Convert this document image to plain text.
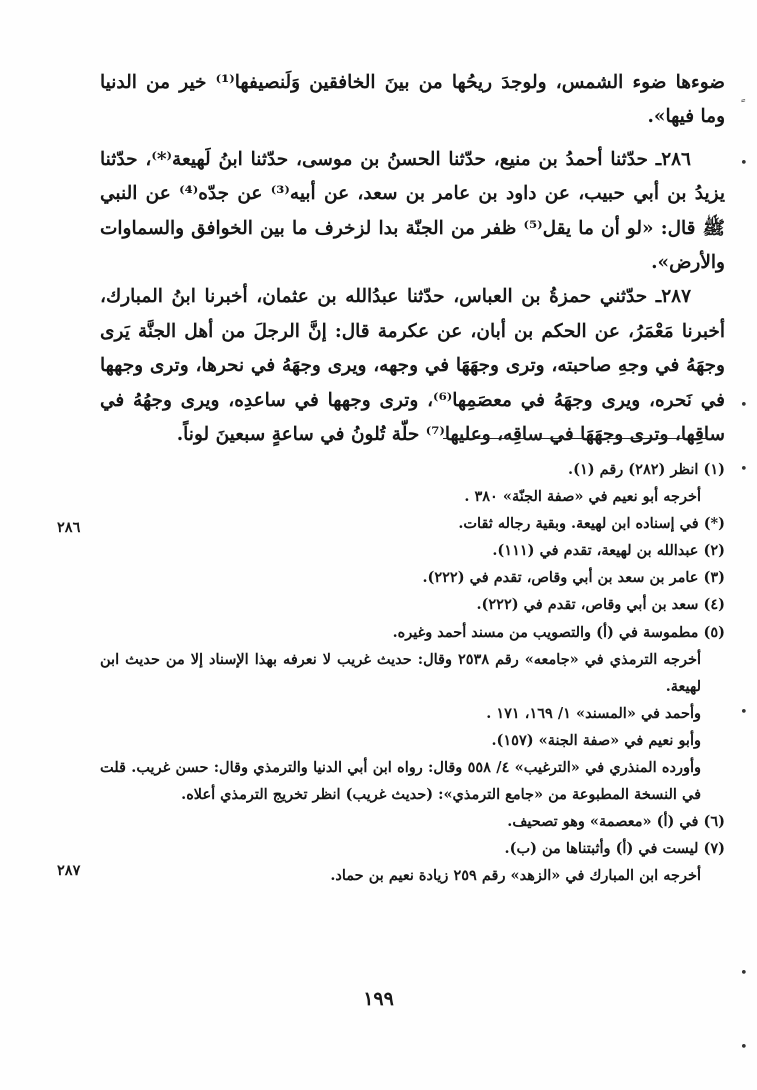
ضوءها ضوء الشمس، ولوجدَ ريحُها من بينَ الخافقين وَلَنصيفها⁽¹⁾ خير من الدنيا وما فيها».

٢٨٦ـ حدّثنا أحمدُ بن منيع، حدّثنا الحسنُ بن موسى، حدّثنا ابنُ لَهيعة⁽*⁾، حدّثنا يزيدُ بن أبي حبيب، عن داود بن عامر بن سعد، عن أبيه⁽³⁾ عن جدّه⁽⁴⁾ عن النبي ﷺ قال: «لو أن ما يقل⁽⁵⁾ ظفر من الجنّة بدا لزخرف ما بين الخوافق والسماوات والأرض».

٢٨٧ـ حدّثني حمزةُ بن العباس، حدّثنا عبدُالله بن عثمان، أخبرنا ابنُ المبارك، أخبرنا مَعْمَرُ، عن الحكم بن أبان، عن عكرمة قال: إنَّ الرجلَ من أهل الجنَّة يَرى وجهَهُ في وجهِ صاحبته، وترى وجهَهَا في وجهه، ويرى وجهَهُ في نحرها، وترى وجهها في نَحره، ويرى وجهَهُ في معصَمِها⁽⁶⁾، وترى وجهها في ساعدِه، ويرى وجهُهُ في ساقِها، وترى وجهَهَا في ساقِه، وعليها⁽⁷⁾ حلّة تُلونُ في ساعةٍ سبعينَ لوناً.

(١) انظر (٢٨٢) رقم (١).
أخرجه أبو نعيم في «صفة الجنّة» ٣٨٠ .
(*) في إسناده ابن لهيعة. وبقية رجاله ثقات.
(٢) عبدالله بن لهيعة، تقدم في (١١١).
(٣) عامر بن سعد بن أبي وقاص، تقدم في (٢٢٢).
(٤) سعد بن أبي وقاص، تقدم في (٢٢٢).
(٥) مطموسة في (أ) والتصويب من مسند أحمد وغيره.
أخرجه الترمذي في «جامعه» رقم ٢٥٣٨ وقال: حديث غريب لا نعرفه بهذا الإسناد إلا من حديث ابن لهيعة.
وأحمد في «المسند» ١/ ١٦٩، ١٧١ .
وأبو نعيم في «صفة الجنة» (١٥٧).
وأورده المنذري في «الترغيب» ٤/ ٥٥٨ وقال: رواه ابن أبي الدنيا والترمذي وقال: حسن غريب. قلت في النسخة المطبوعة من «جامع الترمذي»: (حديث غريب) انظر تخريج الترمذي أعلاه.
(٦) في (أ) «معصمة» وهو تصحيف.
(٧) ليست في (أ) وأثبتناها من (ب).
أخرجه ابن المبارك في «الزهد» رقم ٢٥٩ زيادة نعيم بن حماد.
٢٨٦
٢٨٧
١٩٩
•
•
•
•
•
•
